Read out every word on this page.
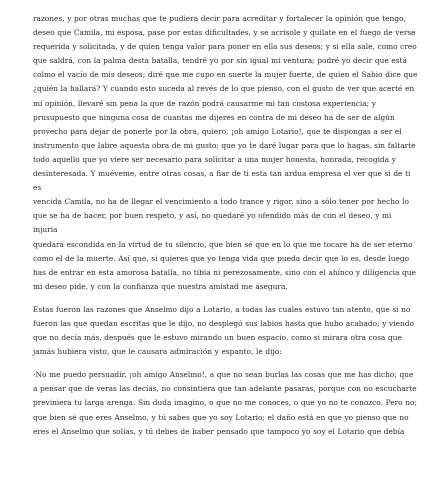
razones, y por otras muchas que te pudiera decir para acreditar y fortalecer la opinión que tengo,
deseo que Camila, mi esposa, pase por estas dificultades, y se acrisole y quilate en el fuego de verse
requerida y solicitada, y de quien tenga valor para poner en ella sus deseos; y si ella sale, como creo
que saldrá, con la palma desta batalla, tendré yo por sin igual mi ventura; podré yo decir que está
colmo el vacío de mis deseos; diré que me cupo en suerte la mujer fuerte, de quien el Sabio dice que
¿quién la hallará? Y cuando esto suceda al revés de lo que pienso, con el gusto de ver que acerté en
mi opinión, llevaré sin pena la que de razón podrá causarme mi tan costosa experiencia; y
prusupuesto que ninguna cosa de cuantas me dijeres en contra de mi deseo ha de ser de algún
provecho para dejar de ponerle por la obra, quiero, ¡oh amigo Lotario!, que te dispongas a ser el
instrumento que labre aquesta obra de mi gusto; que yo te daré lugar para que lo hagas, sin faltarte
todo aquello que yo viere ser necesario para solicitar a una mujer honesta, honrada, recogida y
desinteresada. Y muéveme, entre otras cosas, a fiar de ti esta tan ardua empresa el ver que si de ti es
vencida Camila, no ha de llegar el vencimiento a todo trance y rigor, sino a sólo tener por hecho lo
que se ha de hacer, por buen respeto, y así, no quedaré yo ofendido más de con el deseo, y mi injuria
quedará escondida en la virtud de tu silencio, que bien sé que en lo que me tocare ha de ser eterno
como el de la muerte. Así que, si quieres que yo tenga vida que pueda decir que lo es, desde luego
has de entrar en esta amorosa batalla, no tibia ni perezosamente, sino con el ahínco y diligencia que
mi deseo pide, y con la confianza que nuestra amistad me asegura.

Estas fueron las razones que Anselmo dijo a Lotario, a todas las cuales estuvo tan atento, que si no
fueron las que quedan escritas que le dijo, no desplegó sus labios hasta que hubo acabado; y viendo
que no decía más, después que le estuvo mirando un buen espacio, como si mirara otra cosa que
jamás hubiera visto, que le causara admiración y espanto, le dijo:

-No me puedo persuadir, ¡oh amigo Anselmo!, a que no sean burlas las cosas que me has dicho; que
a pensar que de veras las decías, no consintiera que tan adelante pasaras, porque con no escucharte
previniera tu larga arenga. Sin duda imagino, o que no me conoces, o que yo no te conozco. Pero no;
que bien sé que eres Anselmo, y tú sabes que yo soy Lotario; el daño está en que yo pienso que no
eres el Anselmo que solías, y tú debes de haber pensado que tampoco yo soy el Lotario que debía
